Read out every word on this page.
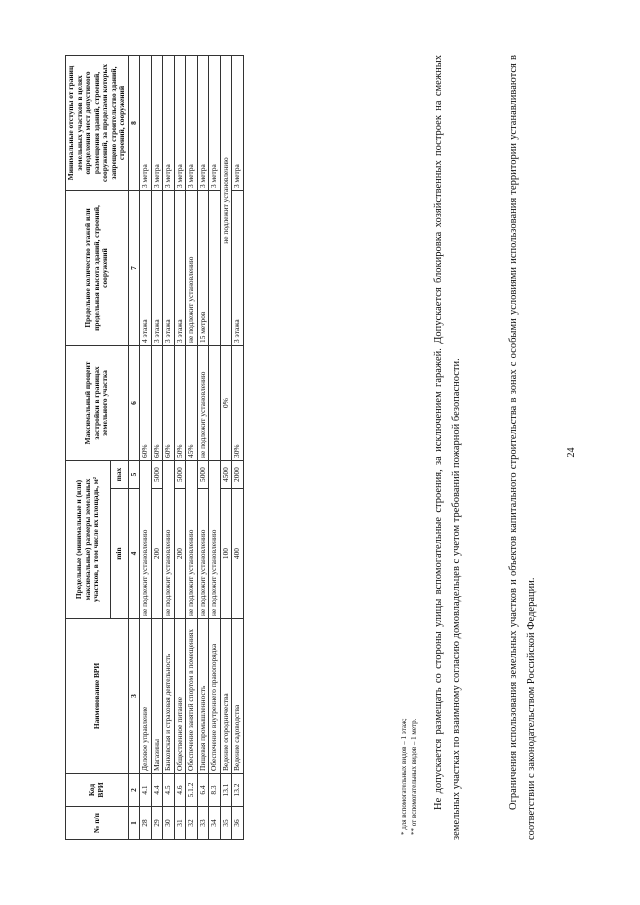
24
№ п/п	Код ВРИ	Наименование ВРИ	Предельные (минимальные и (или) максимальные) размеры земельных участков, в том числе их площадь, м²		Максимальный процент застройки в границах земельного участка	Предельное количество этажей или предельная высота зданий, строений, сооружений	Минимальные отступы от границ земельных участков в целях определения мест допустимого размещения зданий, строений, сооружений, за пределами которых запрещено строительство зданий, строений, сооружений
			min	max			
1	2	3	4	5	6	7	8
28	4.1	Деловое управление	не подлежит установлению		60%	4 этажа	3 метра
29	4.4	Магазины	200	5000	60%	3 этажа	3 метра
30	4.5	Банковская и страховая деятельность	не подлежит установлению		60%	3 этажа	3 метра
31	4.6	Общественное питание	200	5000	50%	3 этажа	3 метра
32	5.1.2	Обеспечение занятий спортом в помещениях	не подлежит установлению		45%	не подлежит установлению	3 метра
33	6.4	Пищевая промышленность	не подлежит установлению	5000	не подлежит установлению	15 метров	3 метра
34	8.3	Обеспечение внутреннего правопорядка	не подлежит установлению				3 метра
35	13.1	Ведение огородничества	100	4500	0%	не подлежит установлению	
36	13.2	Ведение садоводства	400	2000	30%	3 этажа	3 метра
* для вспомогательных видов – 1 этаж; ** от вспомогательных видов – 1 метр. Не допускается размещать со стороны улицы вспомогательные строения, за исключением гаражей. Допускается блокировка хозяйственных построек на смежных земельных участках по взаимному согласию домовладельцев с учетом требований пожарной безопасности.	Ограничения использования земельных участков и объектов капитального строительства в зонах с особыми условиями использования территории устанавливаются в соответствии с законодательством Российской Федерации.
